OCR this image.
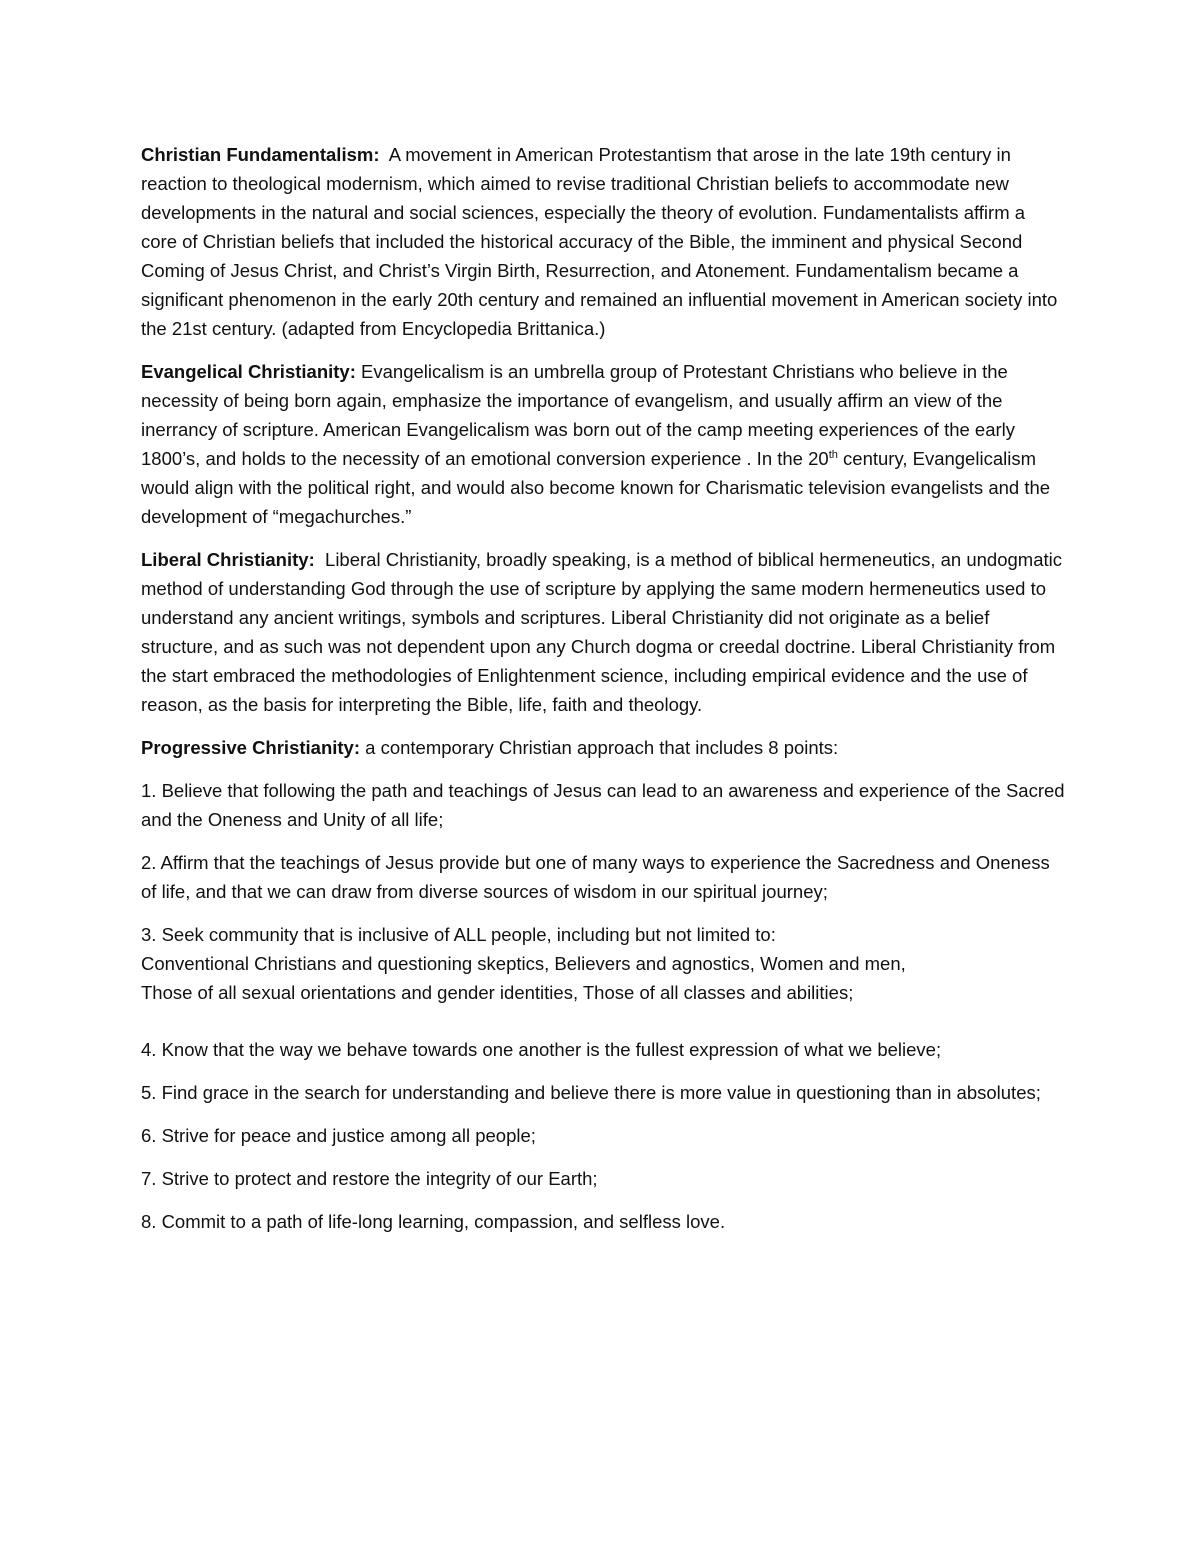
Christian Fundamentalism: A movement in American Protestantism that arose in the late 19th century in reaction to theological modernism, which aimed to revise traditional Christian beliefs to accommodate new developments in the natural and social sciences, especially the theory of evolution. Fundamentalists affirm a core of Christian beliefs that included the historical accuracy of the Bible, the imminent and physical Second Coming of Jesus Christ, and Christ’s Virgin Birth, Resurrection, and Atonement. Fundamentalism became a significant phenomenon in the early 20th century and remained an influential movement in American society into the 21st century. (adapted from Encyclopedia Brittanica.)

Evangelical Christianity: Evangelicalism is an umbrella group of Protestant Christians who believe in the necessity of being born again, emphasize the importance of evangelism, and usually affirm an view of the inerrancy of scripture. American Evangelicalism was born out of the camp meeting experiences of the early 1800’s, and holds to the necessity of an emotional conversion experience . In the 20th century, Evangelicalism would align with the political right, and would also become known for Charismatic television evangelists and the development of “megachurches.”

Liberal Christianity: Liberal Christianity, broadly speaking, is a method of biblical hermeneutics, an undogmatic method of understanding God through the use of scripture by applying the same modern hermeneutics used to understand any ancient writings, symbols and scriptures. Liberal Christianity did not originate as a belief structure, and as such was not dependent upon any Church dogma or creedal doctrine. Liberal Christianity from the start embraced the methodologies of Enlightenment science, including empirical evidence and the use of reason, as the basis for interpreting the Bible, life, faith and theology.

Progressive Christianity: a contemporary Christian approach that includes 8 points:

1. Believe that following the path and teachings of Jesus can lead to an awareness and experience of the Sacred and the Oneness and Unity of all life;

2. Affirm that the teachings of Jesus provide but one of many ways to experience the Sacredness and Oneness of life, and that we can draw from diverse sources of wisdom in our spiritual journey;

3. Seek community that is inclusive of ALL people, including but not limited to:
Conventional Christians and questioning skeptics, Believers and agnostics, Women and men,
Those of all sexual orientations and gender identities, Those of all classes and abilities;

4. Know that the way we behave towards one another is the fullest expression of what we believe;

5. Find grace in the search for understanding and believe there is more value in questioning than in absolutes;

6. Strive for peace and justice among all people;

7. Strive to protect and restore the integrity of our Earth;

8. Commit to a path of life-long learning, compassion, and selfless love.
